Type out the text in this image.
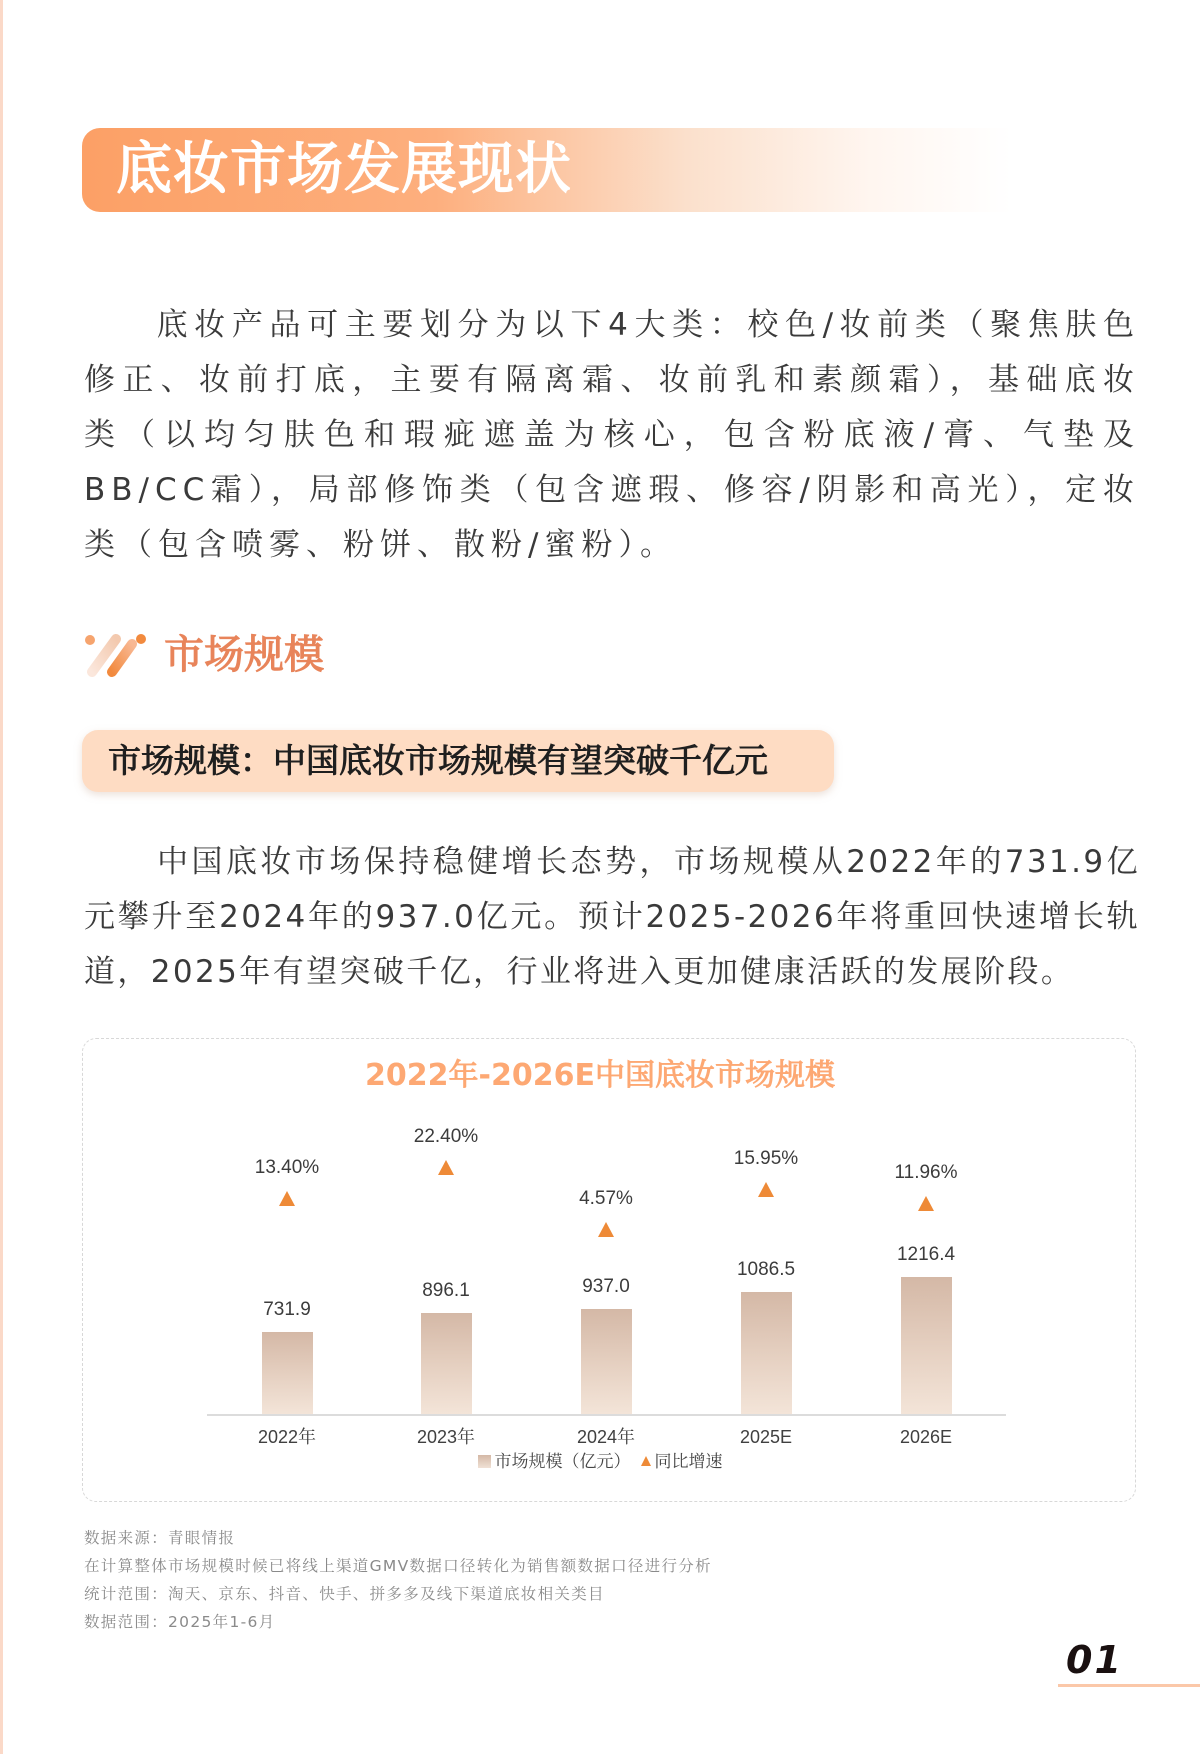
底妆市场发展现状
底妆产品可主要划分为以下4大类：校色/妆前类（聚焦肤色修正、妆前打底，主要有隔离霜、妆前乳和素颜霜），基础底妆类（以均匀肤色和瑕疵遮盖为核心，包含粉底液/膏、气垫及BB/CC霜），局部修饰类（包含遮瑕、修容/阴影和高光），定妆类（包含喷雾、粉饼、散粉/蜜粉）。
市场规模
市场规模：中国底妆市场规模有望突破千亿元
中国底妆市场保持稳健增长态势，市场规模从2022年的731.9亿元攀升至2024年的937.0亿元。预计2025-2026年将重回快速增长轨道，2025年有望突破千亿，行业将进入更加健康活跃的发展阶段。
2022年-2026E中国底妆市场规模
731.9
13.40%
2022年
896.1
22.40%
2023年
937.0
4.57%
2024年
1086.5
15.95%
2025E
1216.4
11.96%
2026E
市场规模（亿元） 同比增速
数据来源：青眼情报
在计算整体市场规模时候已将线上渠道GMV数据口径转化为销售额数据口径进行分析
统计范围：淘天、京东、抖音、快手、拼多多及线下渠道底妆相关类目
数据范围：2025年1-6月
01
